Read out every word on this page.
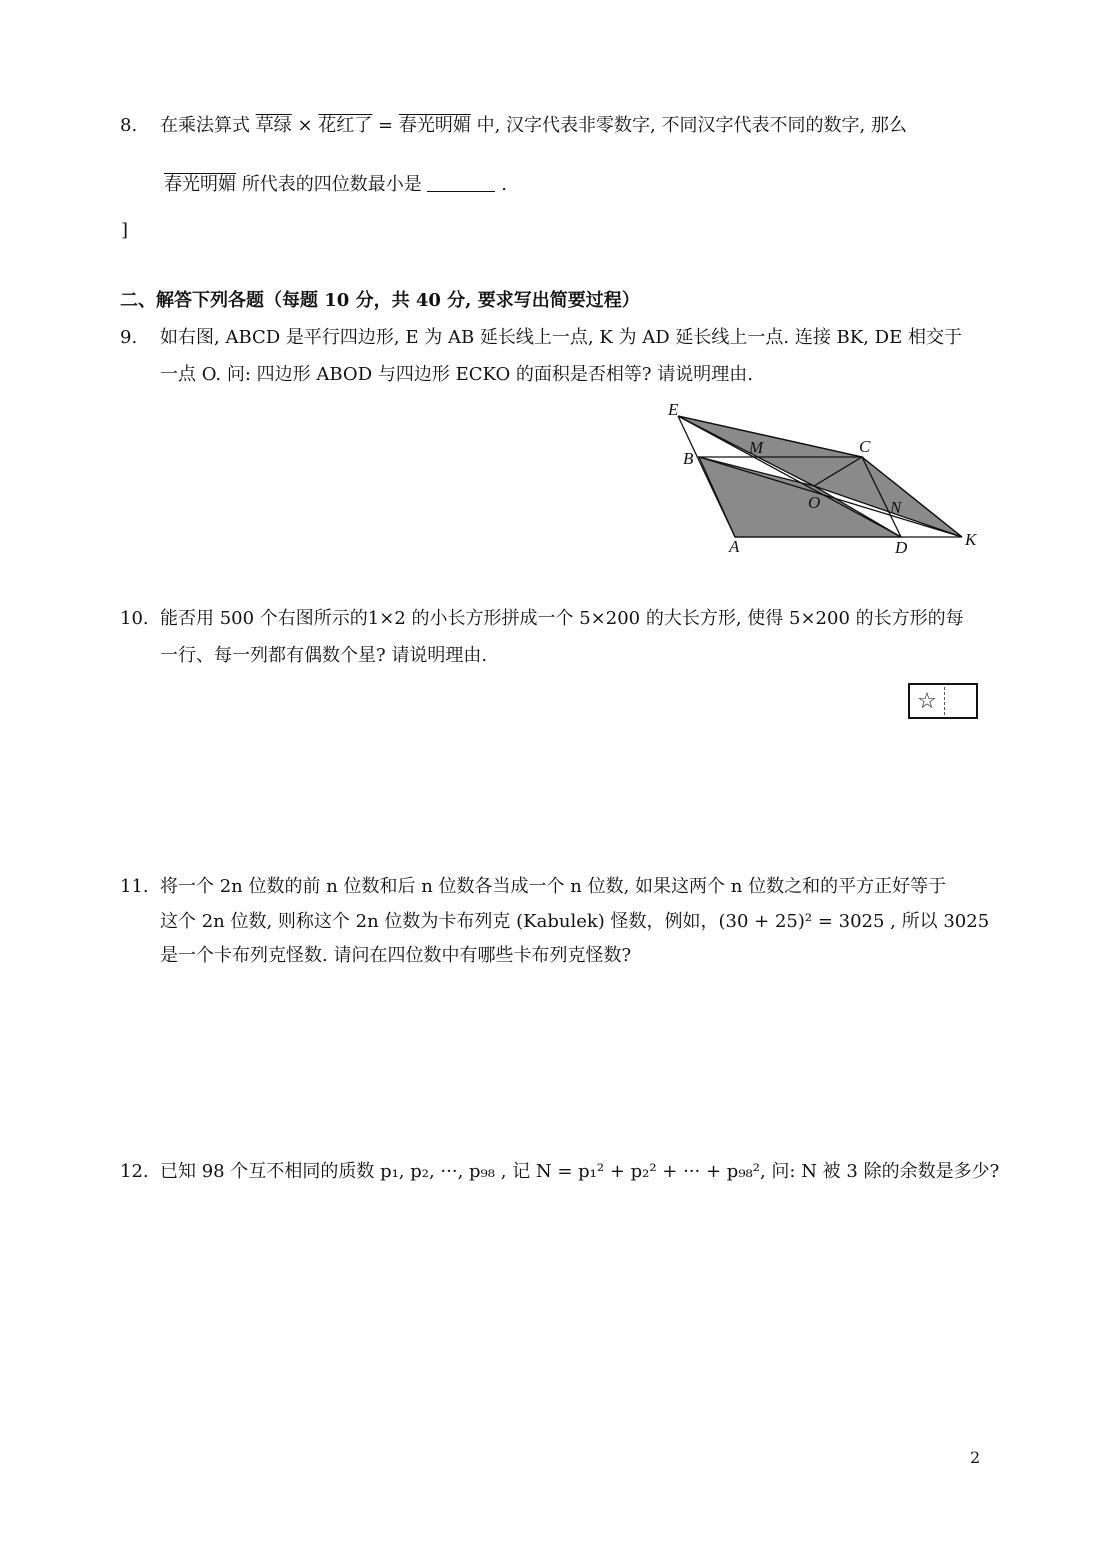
8. 在乘法算式 草绿 × 花红了 = 春光明媚 中, 汉字代表非零数字, 不同汉字代表不同的数字, 那么
春光明媚 所代表的四位数最小是	.
]
二、解答下列各题（每题 10 分，共 40 分, 要求写出简要过程）
9. 如右图, ABCD 是平行四边形, E 为 AB 延长线上一点, K 为 AD 延长线上一点. 连接 BK, DE 相交于
一点 O. 问: 四边形 ABOD 与四边形 ECKO 的面积是否相等? 请说明理由.
E
B
M	C
O	N
A	D	K
10. 能否用 500 个右图所示的1×2 的小长方形拼成一个 5×200 的大长方形, 使得 5×200 的长方形的每
一行、每一列都有偶数个星? 请说明理由.
☆
11. 将一个 2n 位数的前 n 位数和后 n 位数各当成一个 n 位数, 如果这两个 n 位数之和的平方正好等于
这个 2n 位数, 则称这个 2n 位数为卡布列克 (Kabulek) 怪数，例如，(30 + 25)² = 3025 , 所以 3025
是一个卡布列克怪数. 请问在四位数中有哪些卡布列克怪数?
12. 已知 98 个互不相同的质数 p₁, p₂, ···, p₉₈ , 记 N = p₁² + p₂² + ··· + p₉₈², 问: N 被 3 除的余数是多少?
2
